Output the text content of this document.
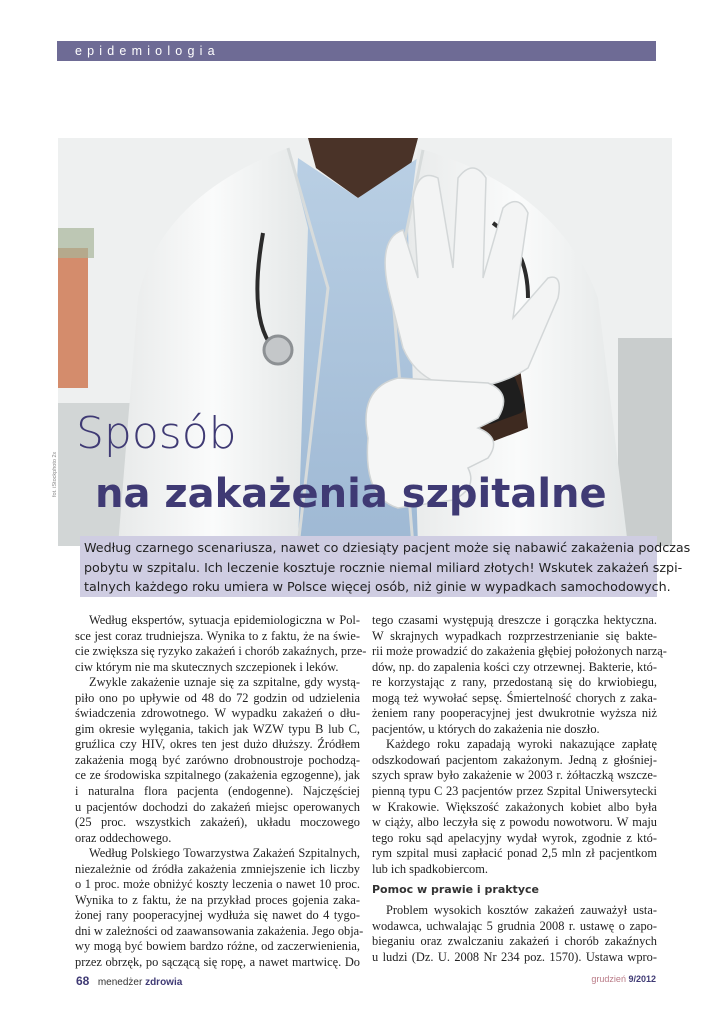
epidemiologia
fot. iStockphoto 2x
Sposób
na zakażenia szpitalne
Według czarnego scenariusza, nawet co dziesiąty pacjent może się nabawić zakażenia podczas
pobytu w szpitalu. Ich leczenie kosztuje rocznie niemal miliard złotych! Wskutek zakażeń szpi-
talnych każdego roku umiera w Polsce więcej osób, niż ginie w wypadkach samochodowych.
Według ekspertów, sytuacja epidemiologiczna w Pol-
sce jest coraz trudniejsza. Wynika to z faktu, że na świe-
cie zwiększa się ryzyko zakażeń i chorób zakaźnych, prze-
ciw którym nie ma skutecznych szczepionek i leków.
Zwykle zakażenie uznaje się za szpitalne, gdy wystą-
piło ono po upływie od 48 do 72 godzin od udzielenia
świadczenia zdrowotnego. W wypadku zakażeń o dłu-
gim okresie wylęgania, takich jak WZW typu B lub C,
gruźlica czy HIV, okres ten jest dużo dłuższy. Źródłem
zakażenia mogą być zarówno drobnoustroje pochodzą-
ce ze środowiska szpitalnego (zakażenia egzogenne), jak
i naturalna flora pacjenta (endogenne). Najczęściej
u pacjentów dochodzi do zakażeń miejsc operowanych
(25 proc. wszystkich zakażeń), układu moczowego
oraz oddechowego.
Według Polskiego Towarzystwa Zakażeń Szpitalnych,
niezależnie od źródła zakażenia zmniejszenie ich liczby
o 1 proc. może obniżyć koszty leczenia o nawet 10 proc.
Wynika to z faktu, że na przykład proces gojenia zaka-
żonej rany pooperacyjnej wydłuża się nawet do 4 tygo-
dni w zależności od zaawansowania zakażenia. Jego obja-
wy mogą być bowiem bardzo różne, od zaczerwienienia,
przez obrzęk, po sączącą się ropę, a nawet martwicę. Do
tego czasami występują dreszcze i gorączka hektyczna.
W skrajnych wypadkach rozprzestrzenianie się bakte-
rii może prowadzić do zakażenia głębiej położonych narzą-
dów, np. do zapalenia kości czy otrzewnej. Bakterie, któ-
re korzystając z rany, przedostaną się do krwiobiegu,
mogą też wywołać sepsę. Śmiertelność chorych z zaka-
żeniem rany pooperacyjnej jest dwukrotnie wyższa niż
pacjentów, u których do zakażenia nie doszło.
Każdego roku zapadają wyroki nakazujące zapłatę
odszkodowań pacjentom zakażonym. Jedną z głośniej-
szych spraw było zakażenie w 2003 r. żółtaczką wszcze-
pienną typu C 23 pacjentów przez Szpital Uniwersytecki
w Krakowie. Większość zakażonych kobiet albo była
w ciąży, albo leczyła się z powodu nowotworu. W maju
tego roku sąd apelacyjny wydał wyrok, zgodnie z któ-
rym szpital musi zapłacić ponad 2,5 mln zł pacjentkom
lub ich spadkobiercom.
Pomoc w prawie i praktyce
Problem wysokich kosztów zakażeń zauważył usta-
wodawca, uchwalając 5 grudnia 2008 r. ustawę o zapo-
bieganiu oraz zwalczaniu zakażeń i chorób zakaźnych
u ludzi (Dz. U. 2008 Nr 234 poz. 1570). Ustawa wpro-
68 menedżer zdrowia	grudzień 9/2012
